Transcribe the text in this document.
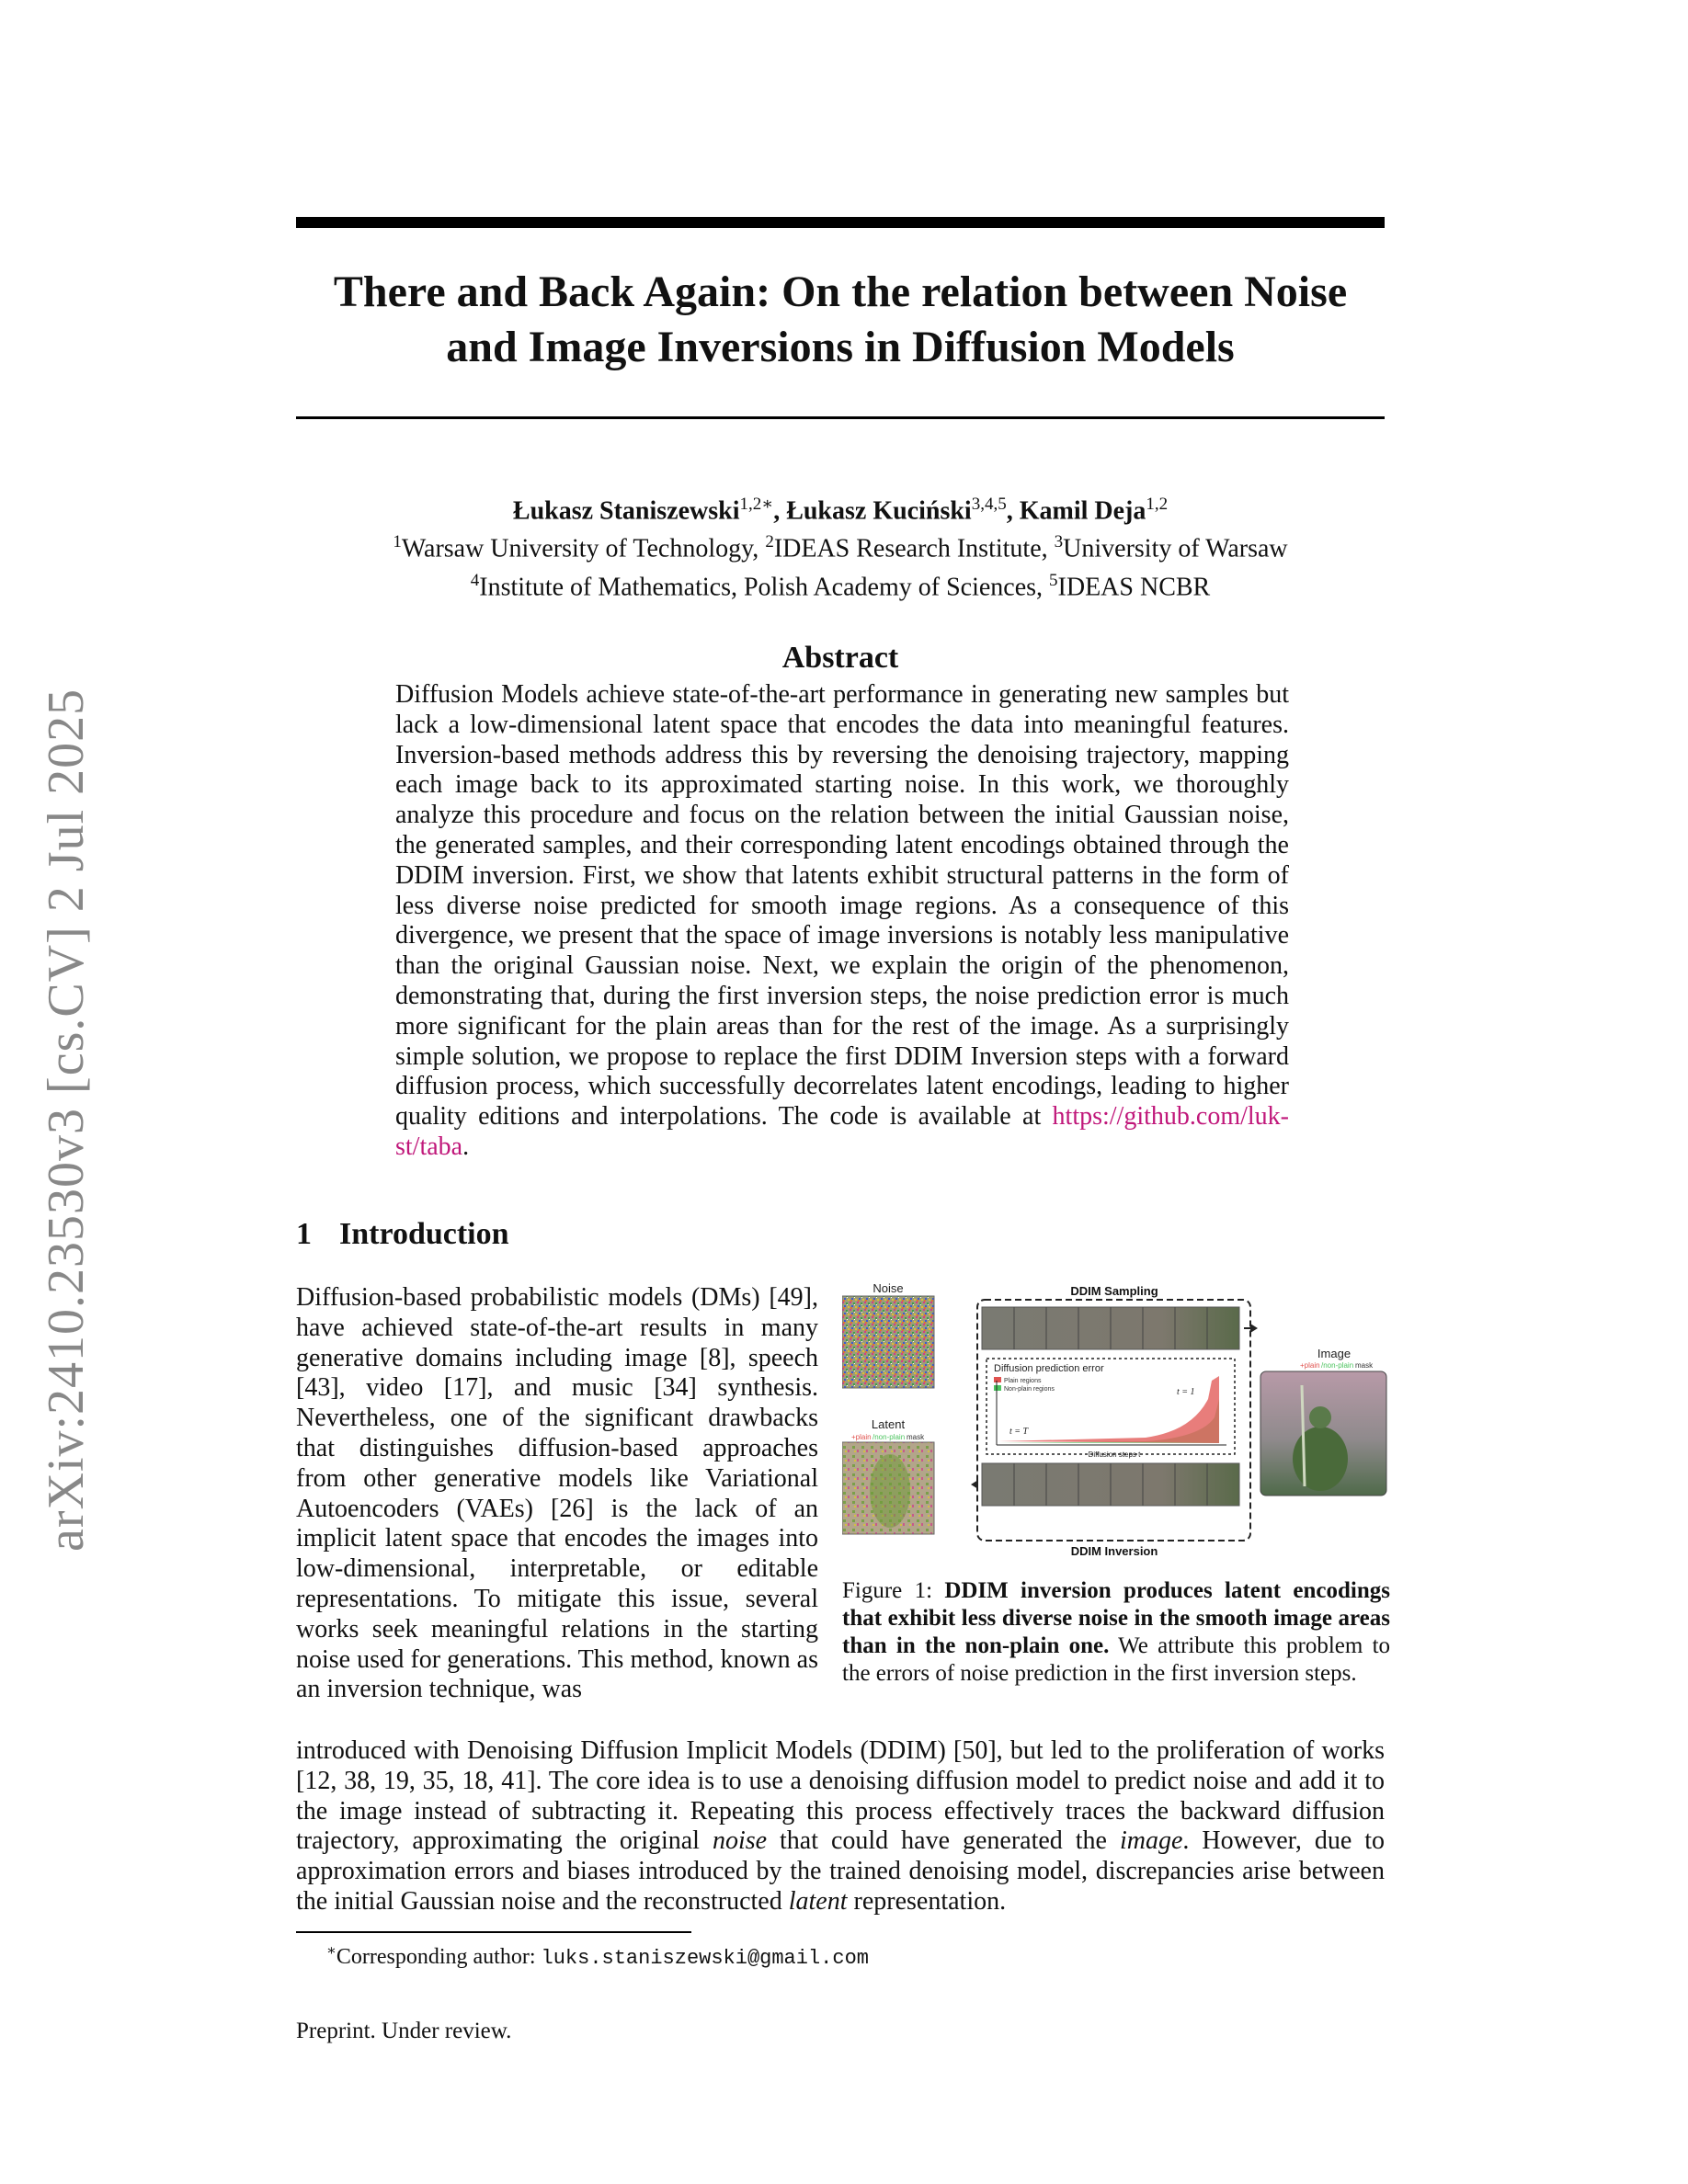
arXiv:2410.23530v3 [cs.CV] 2 Jul 2025
There and Back Again: On the relation between Noise
and Image Inversions in Diffusion Models
Łukasz Staniszewski$^{1,2∗}$, Łukasz Kuciński$^{3,4,5}$, Kamil Deja$^{1,2}$
$^1$Warsaw University of Technology, $^2$IDEAS Research Institute, $^3$University of Warsaw
$^4$Institute of Mathematics, Polish Academy of Sciences, $^5$IDEAS NCBR
Abstract
Diffusion Models achieve state-of-the-art performance in generating new samples but lack a low-dimensional latent space that encodes the data into meaningful features. Inversion-based methods address this by reversing the denoising trajectory, mapping each image back to its approximated starting noise. In this work, we thoroughly analyze this procedure and focus on the relation between the initial Gaussian noise, the generated samples, and their corresponding latent encodings obtained through the DDIM inversion. First, we show that latents exhibit structural patterns in the form of less diverse noise predicted for smooth image regions. As a consequence of this divergence, we present that the space of image inversions is notably less manipulative than the original Gaussian noise. Next, we explain the origin of the phenomenon, demonstrating that, during the first inversion steps, the noise prediction error is much more significant for the plain areas than for the rest of the image. As a surprisingly simple solution, we propose to replace the first DDIM Inversion steps with a forward diffusion process, which successfully decorrelates latent encodings, leading to higher quality editions and interpolations. The code is available at https://github.com/luk-st/taba.
1 Introduction
Diffusion-based probabilistic models (DMs) [49], have achieved state-of-the-art results in many generative domains including image [8], speech [43], video [17], and music [34] synthesis. Nevertheless, one of the significant drawbacks that distinguishes diffusion-based approaches from other generative models like Variational Autoencoders (VAEs) [26] is the lack of an implicit latent space that encodes the images into low-dimensional, interpretable, or editable representations. To mitigate this issue, several works seek meaningful relations in the starting noise used for generations. This method, known as an inversion technique, was
Noise
Latent
+plain /non-plain mask
DDIM Sampling
Diffusion prediction error
Plain regions
Non-plain regions	t = 1
t = T
Diffusion steps t
DDIM Inversion
Image
+plain /non-plain mask
Figure 1: DDIM inversion produces latent encodings that exhibit less diverse noise in the smooth image areas than in the non-plain one. We attribute this problem to the errors of noise prediction in the first inversion steps.
introduced with Denoising Diffusion Implicit Models (DDIM) [50], but led to the proliferation of works [12, 38, 19, 35, 18, 41]. The core idea is to use a denoising diffusion model to predict noise and add it to the image instead of subtracting it. Repeating this process effectively traces the backward diffusion trajectory, approximating the original noise that could have generated the image. However, due to approximation errors and biases introduced by the trained denoising model, discrepancies arise between the initial Gaussian noise and the reconstructed latent representation.
∗Corresponding author: luks.staniszewski@gmail.com
Preprint. Under review.
